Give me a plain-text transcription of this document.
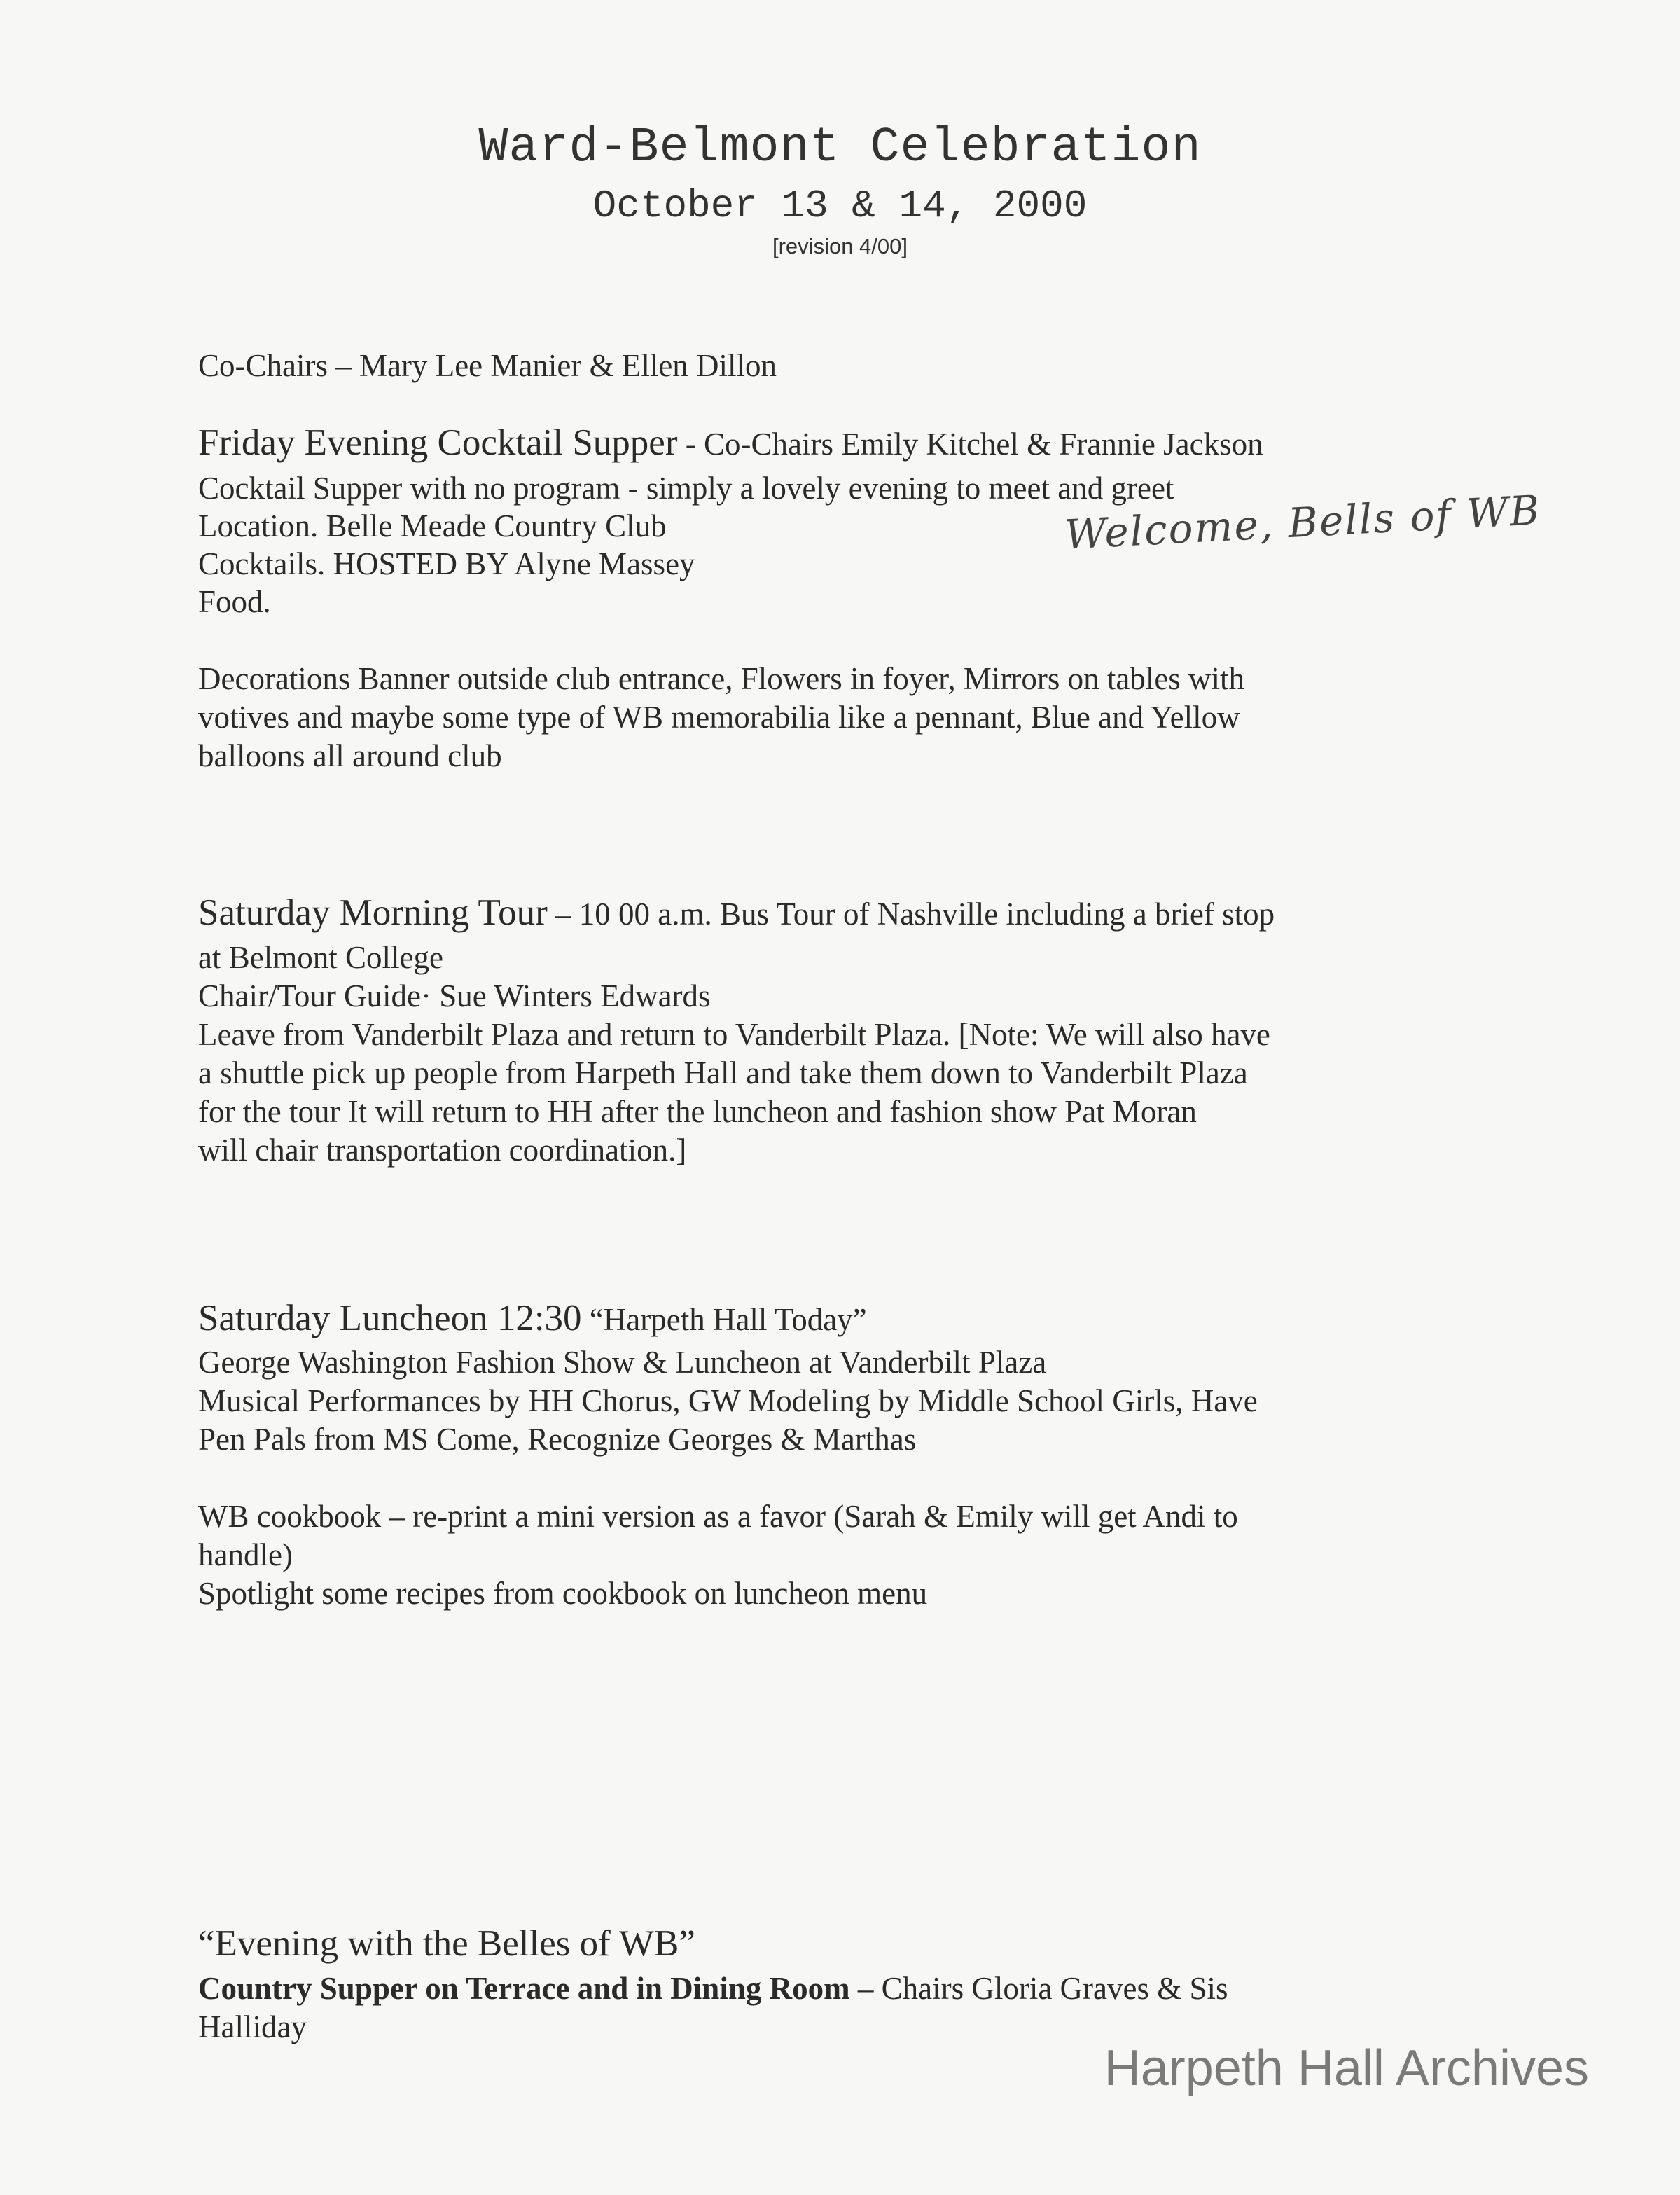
Ward-Belmont Celebration
October 13 & 14, 2000
[revision 4/00]
Co-Chairs – Mary Lee Manier & Ellen Dillon
Friday Evening Cocktail Supper - Co-Chairs Emily Kitchel & Frannie Jackson
Cocktail Supper with no program - simply a lovely evening to meet and greet
Location. Belle Meade Country Club
Cocktails. HOSTED BY Alyne Massey
Food.
Welcome, Bells of WB
Decorations Banner outside club entrance, Flowers in foyer, Mirrors on tables with
votives and maybe some type of WB memorabilia like a pennant, Blue and Yellow
balloons all around club
Saturday Morning Tour – 10 00 a.m. Bus Tour of Nashville including a brief stop
at Belmont College
Chair/Tour Guide· Sue Winters Edwards
Leave from Vanderbilt Plaza and return to Vanderbilt Plaza. [Note: We will also have
a shuttle pick up people from Harpeth Hall and take them down to Vanderbilt Plaza
for the tour It will return to HH after the luncheon and fashion show Pat Moran
will chair transportation coordination.]
Saturday Luncheon 12:30 “Harpeth Hall Today”
George Washington Fashion Show & Luncheon at Vanderbilt Plaza
Musical Performances by HH Chorus, GW Modeling by Middle School Girls, Have
Pen Pals from MS Come, Recognize Georges & Marthas
WB cookbook – re-print a mini version as a favor (Sarah & Emily will get Andi to
handle)
Spotlight some recipes from cookbook on luncheon menu
“Evening with the Belles of WB”
Country Supper on Terrace and in Dining Room – Chairs Gloria Graves & Sis
Halliday
Harpeth Hall Archives
